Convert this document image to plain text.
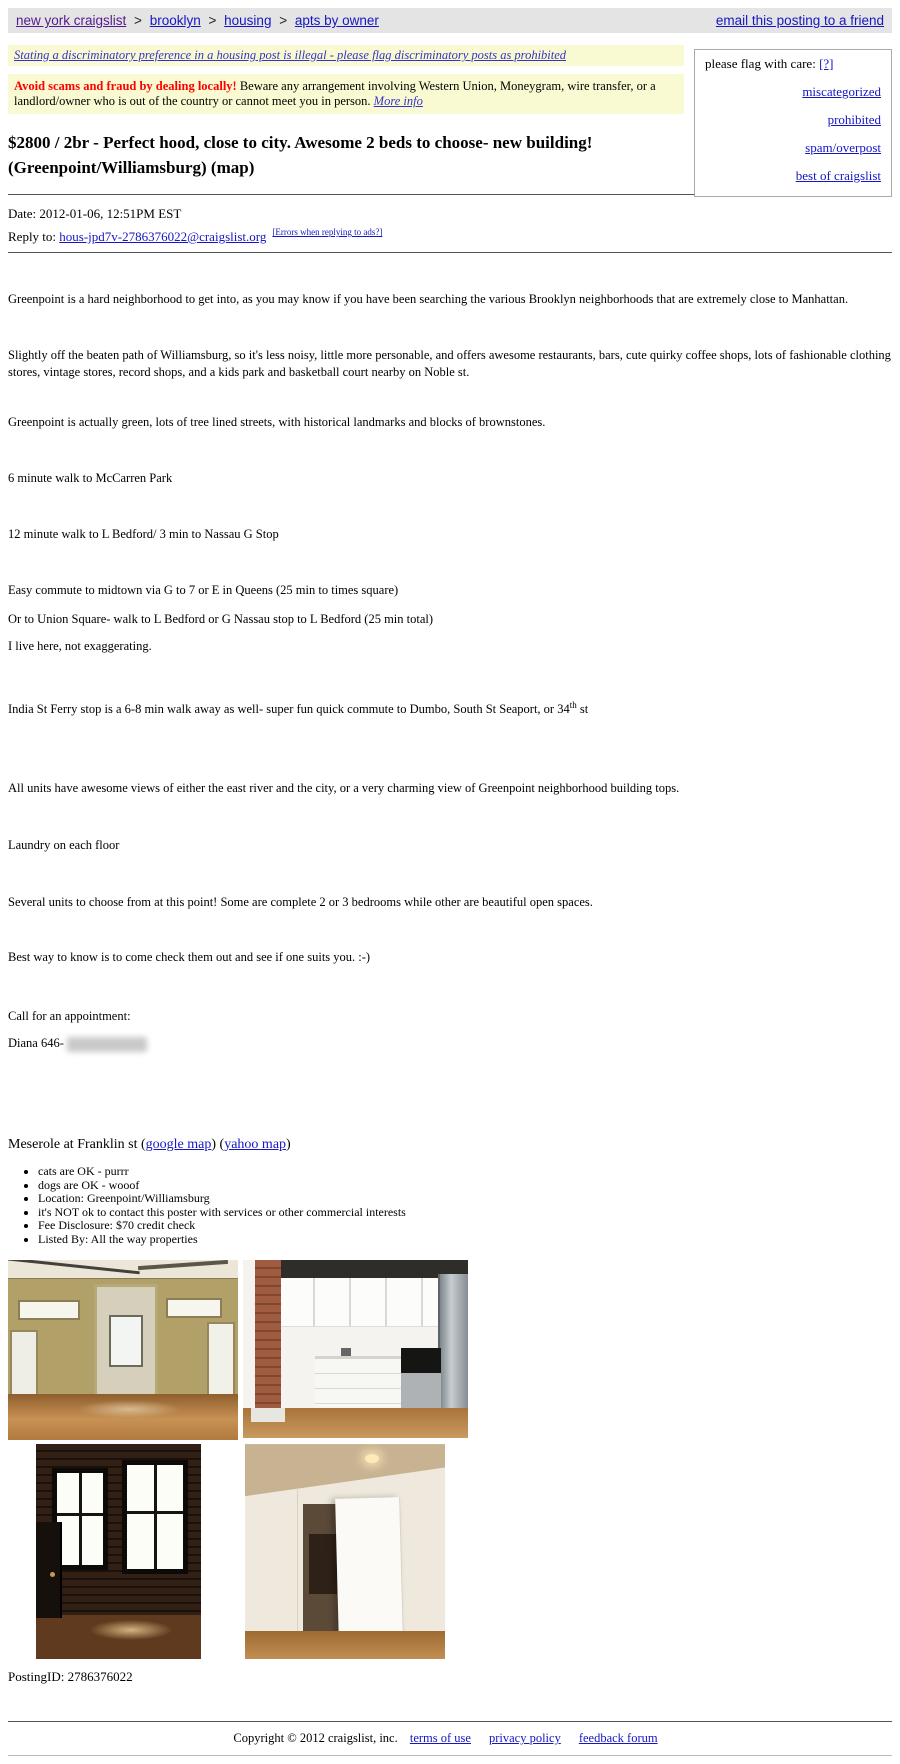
email this posting to a friend
new york craigslist > brooklyn > housing > apts by owner
Stating a discriminatory preference in a housing post is illegal - please flag discriminatory posts as prohibited
Avoid scams and fraud by dealing locally! Beware any arrangement involving Western Union, Moneygram, wire transfer, or a landlord/owner who is out of the country or cannot meet you in person. More info
please flag with care: [?]
miscategorized
prohibited
spam/overpost
best of craigslist
$2800 / 2br - Perfect hood, close to city. Awesome 2 beds to choose- new building! (Greenpoint/Williamsburg) (map)
Date: 2012-01-06, 12:51PM EST
Reply to: hous-jpd7v-2786376022@craigslist.org [Errors when replying to ads?]
Greenpoint is a hard neighborhood to get into, as you may know if you have been searching the various Brooklyn neighborhoods that are extremely close to Manhattan.
Slightly off the beaten path of Williamsburg, so it's less noisy, little more personable, and offers awesome restaurants, bars, cute quirky coffee shops, lots of fashionable clothing stores, vintage stores, record shops, and a kids park and basketball court nearby on Noble st.
Greenpoint is actually green, lots of tree lined streets, with historical landmarks and blocks of brownstones.
6 minute walk to McCarren Park
12 minute walk to L Bedford/ 3 min to Nassau G Stop
Easy commute to midtown via G to 7 or E in Queens (25 min to times square)
Or to Union Square- walk to L Bedford or G Nassau stop to L Bedford (25 min total)
I live here, not exaggerating.
India St Ferry stop is a 6-8 min walk away as well- super fun quick commute to Dumbo, South St Seaport, or 34th st
All units have awesome views of either the east river and the city, or a very charming view of Greenpoint neighborhood building tops.
Laundry on each floor
Several units to choose from at this point! Some are complete 2 or 3 bedrooms while other are beautiful open spaces.
Best way to know is to come check them out and see if one suits you. :-)
Call for an appointment:
Diana 646-
Meserole at Franklin st (google map) (yahoo map)
• cats are OK - purrr
• dogs are OK - wooof
• Location: Greenpoint/Williamsburg
• it's NOT ok to contact this poster with services or other commercial interests
• Fee Disclosure: $70 credit check
• Listed By: All the way properties
PostingID: 2786376022
Copyright © 2012 craigslist, inc. terms of use privacy policy feedback forum
